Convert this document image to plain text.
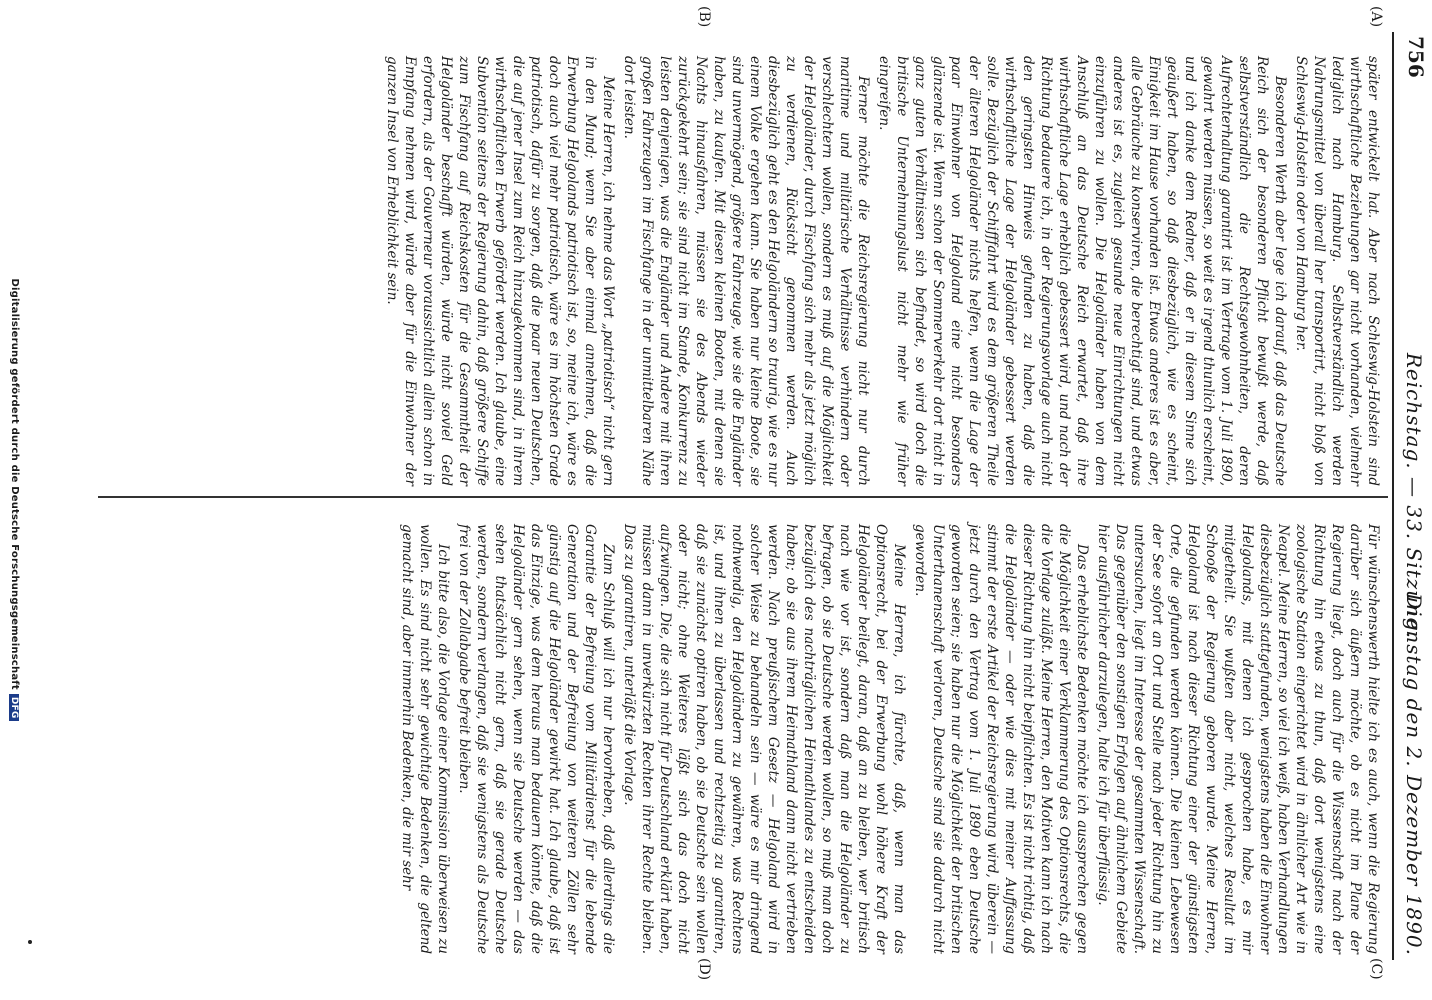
756
Reichstag. — 33. Sitzung.
Dienstag den 2. Dezember 1890.
(A)
(B)
(C)
(D)

später entwickelt hat. Aber nach Schleswig-Holstein sind wirthschaftliche Beziehungen gar nicht vorhanden, vielmehr lediglich nach Hamburg. Selbstverständlich werden Nahrungsmittel von überall her transportirt, nicht bloß von Schleswig-Holstein oder von Hamburg her.

Besonderen Werth aber lege ich darauf, daß das Deutsche Reich sich der besonderen Pflicht bewußt werde, daß selbstverständlich die Rechtsgewohnheiten, deren Aufrechterhaltung garantirt ist im Vertrage vom 1. Juli 1890, gewahrt werden müssen, so weit es irgend thunlich erscheint, und ich danke dem Redner, daß er in diesem Sinne sich geäußert haben, so daß diesbezüglich, wie es scheint, Einigkeit im Hause vorhanden ist. Etwas anderes ist es aber, alle Gebräuche zu konserviren, die berechtigt sind, und etwas anderes ist es, zugleich gesunde neue Einrichtungen nicht einzuführen zu wollen. Die Helgoländer haben von dem Anschluß an das Deutsche Reich erwartet, daß ihre wirthschaftliche Lage erheblich gebessert wird, und nach der Richtung bedauere ich, in der Regierungsvorlage auch nicht den geringsten Hinweis gefunden zu haben, daß die wirthschaftliche Lage der Helgoländer gebessert werden solle. Bezüglich der Schifffahrt wird es dem größeren Theile der älteren Helgoländer nichts helfen, wenn die Lage der paar Einwohner von Helgoland eine nicht besonders glänzende ist. Wenn schon der Sommerverkehr dort nicht in ganz guten Verhältnissen sich befindet, so wird doch die britische Unternehmungslust nicht mehr wie früher eingreifen.

Ferner möchte die Reichsregierung nicht nur durch maritime und militärische Verhältnisse verhindern oder verschlechtern wollen, sondern es muß auf die Möglichkeit der Helgoländer, durch Fischfang sich mehr als jetzt möglich zu verdienen, Rücksicht genommen werden. Auch diesbezüglich geht es den Helgoländern so traurig, wie es nur einem Volke ergehen kann. Sie haben nur kleine Boote, sie sind unvermögend, größere Fahrzeuge, wie sie die Engländer haben, zu kaufen. Mit diesen kleinen Booten, mit denen sie Nachts hinausfahren, müssen sie des Abends wieder zurückgekehrt sein; sie sind nicht im Stande, Konkurrenz zu leisten denjenigen, was die Engländer und Andere mit ihren großen Fahrzeugen im Fischfange in der unmittelbaren Nähe dort leisten.

Meine Herren, ich nehme das Wort „patriotisch“ nicht gern in den Mund; wenn Sie aber einmal annehmen, daß die Erwerbung Helgolands patriotisch ist, so, meine ich, wäre es doch auch viel mehr patriotisch, wäre es im höchsten Grade patriotisch, dafür zu sorgen, daß die paar neuen Deutschen, die auf jener Insel zum Reich hinzugekommen sind, in ihrem wirthschaftlichen Erwerb gefördert werden. Ich glaube, eine Subvention seitens der Regierung dahin, daß größere Schiffe zum Fischfang auf Reichskosten für die Gesammtheit der Helgoländer beschafft würden, würde nicht soviel Geld erfordern, als der Gouverneur voraussichtlich allein schon in Empfang nehmen wird, würde aber für die Einwohner der ganzen Insel von Erheblichkeit sein.

Für wünschenswerth hielte ich es auch, wenn die Regierung darüber sich äußern möchte, ob es nicht im Plane der Regierung liegt, doch auch für die Wissenschaft nach der Richtung hin etwas zu thun, daß dort wenigstens eine zoologische Station eingerichtet wird in ähnlicher Art wie in Neapel. Meine Herren, so viel ich weiß, haben Verhandlungen diesbezüglich stattgefunden, wenigstens haben die Einwohner Helgolands, mit denen ich gesprochen habe, es mir mitgetheilt. Sie wußten aber nicht, welches Resultat im Schooße der Regierung geboren wurde. Meine Herren, Helgoland ist nach dieser Richtung einer der günstigsten Orte, die gefunden werden können. Die kleinen Lebewesen der See sofort an Ort und Stelle nach jeder Richtung hin zu untersuchen, liegt im Interesse der gesammten Wissenschaft. Das gegenüber den sonstigen Erfolgen auf ähnlichem Gebiete hier ausführlicher darzulegen, halte ich für überflüssig.

Das erheblichste Bedenken möchte ich aussprechen gegen die Möglichkeit einer Verklammerung des Optionsrechts, die die Vorlage zuläßt. Meine Herren, den Motiven kann ich nach dieser Richtung hin nicht beipflichten. Es ist nicht richtig, daß die Helgoländer — oder wie dies mit meiner Auffassung stimmt der erste Artikel der Reichsregierung wird, überein — jetzt durch den Vertrag vom 1. Juli 1890 eben Deutsche geworden seien; sie haben nur die Möglichkeit der britischen Unterthanenschaft verloren, Deutsche sind sie dadurch nicht geworden.

Meine Herren, ich fürchte, daß, wenn man das Optionsrecht, bei der Erwerbung wohl höhere Kraft der Helgoländer beilegt, daran, daß an zu bleiben, wer britisch nach wie vor ist, sondern daß man die Helgoländer zu befragen, ob sie Deutsche werden wollen, so muß man doch bezüglich des nachträglichen Heimathlandes zu entscheiden haben; ob sie aus ihrem Heimathland dann nicht vertrieben werden. Nach preußischem Gesetz — Helgoland wird in solcher Weise zu behandeln sein — wäre es mir dringend nothwendig, den Helgoländern zu gewähren, was Rechtens ist, und ihnen zu überlassen und rechtzeitig zu garantiren, daß sie zunächst optiren haben, ob sie Deutsche sein wollen oder nicht; ohne Weiteres läßt sich das doch nicht aufzwingen. Die, die sich nicht für Deutschland erklärt haben, müssen dann in unverkürzten Rechten ihrer Rechte bleiben. Das zu garantiren, unterläßt die Vorlage.

Zum Schluß will ich nur hervorheben, daß allerdings die Garantie der Befreiung vom Militärdienst für die lebende Generation und der Befreiung von weiteren Zöllen sehr günstig auf die Helgoländer gewirkt hat. Ich glaube, daß ist das Einzige, was dem heraus man bedauern könnte, daß die Helgoländer gern sehen, wenn sie Deutsche werden — das sehen thatsächlich nicht gern, daß sie gerade Deutsche werden, sondern verlangen, daß sie wenigstens als Deutsche frei von der Zollabgabe befreit bleiben.

Ich bitte also, die Vorlage einer Kommission überweisen zu wollen. Es sind nicht sehr gewichtige Bedenken, die geltend gemacht sind, aber immerhin Bedenken, die mir sehr

Digitalisierung gefördert durch die Deutsche ForschungsgemeinschaftDFG
